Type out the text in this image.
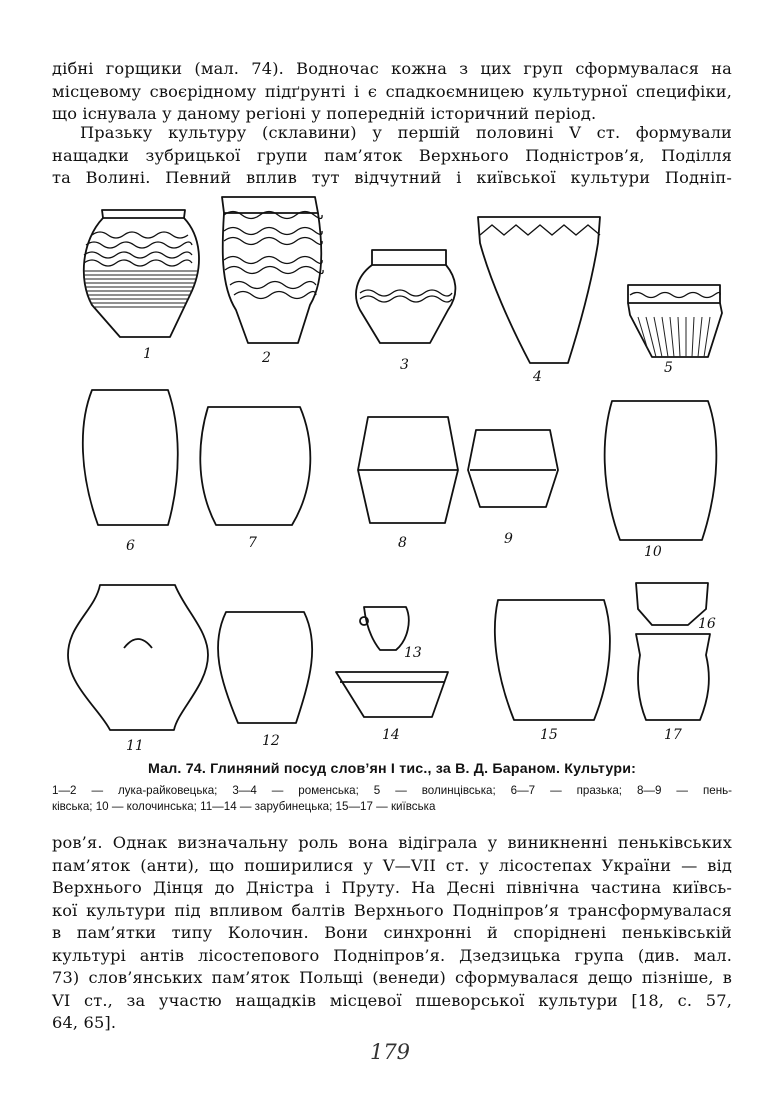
дібні горщики (мал. 74). Водночас кожна з цих груп сформувалася на
місцевому своєрідному підґрунті і є спадкоємницею культурної специфіки,
що існувала у даному регіоні у попередній історичний період.
Празьку культуру (склавини) у першій половині V ст. формували
нащадки зубрицької групи пам’яток Верхнього Подністров’я, Поділля
та Волині. Певний вплив тут відчутний і київської культури Подніп-
1	2	3
4
5
6	7	8	9
10
11	12
13
14	15
16
17
Мал. 74. Глиняний посуд слов’ян I тис., за В. Д. Бараном. Культури:
1—2 — лука-райковецька; 3—4 — роменська; 5 — волинцівська; 6—7 — празька; 8—9 — пень-
ківська; 10 — колочинська; 11—14 — зарубинецька; 15—17 — київська
ров’я. Однак визначальну роль вона відіграла у виникненні пеньківських
пам’яток (анти), що поширилися у V—VII ст. у лісостепах України — від
Верхнього Дінця до Дністра і Пруту. На Десні північна частина київсь-
кої культури під впливом балтів Верхнього Подніпров’я трансформувалася
в пам’ятки типу Колочин. Вони синхронні й споріднені пеньківській
культурі антів лісостепового Подніпров’я. Дзедзицька група (див. мал.
73) слов’янських пам’яток Польщі (венеди) сформувалася дещо пізніше, в
VI ст., за участю нащадків місцевої пшеворської культури [18, с. 57,
64, 65].
179
